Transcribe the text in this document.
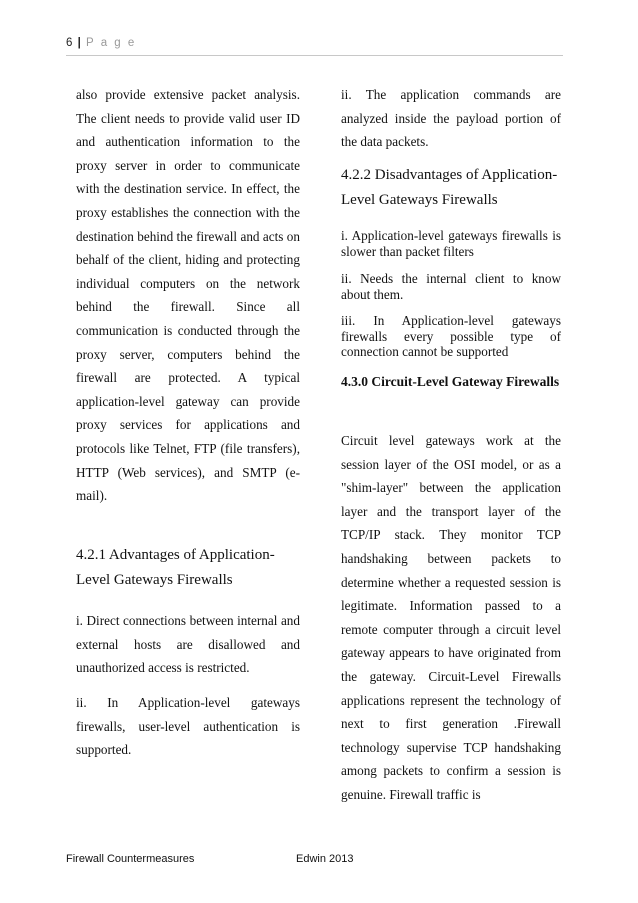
6 | P a g e

also provide extensive packet analysis. The client needs to provide valid user ID and authentication information to the proxy server in order to communicate with the destination service. In effect, the proxy establishes the connection with the destination behind the firewall and acts on behalf of the client, hiding and protecting individual computers on the network behind the firewall. Since all communication is conducted through the proxy server, computers behind the firewall are protected. A typical application-level gateway can provide proxy services for applications and protocols like Telnet, FTP (file transfers), HTTP (Web services), and SMTP (e-mail).

4.2.1 Advantages of Application-Level Gateways Firewalls

i. Direct connections between internal and external hosts are disallowed and unauthorized access is restricted.

ii. In Application-level gateways firewalls, user-level authentication is supported.

ii. The application commands are analyzed inside the payload portion of the data packets.

4.2.2 Disadvantages of Application-Level Gateways Firewalls

i. Application-level gateways firewalls is slower than packet filters

ii. Needs the internal client to know about them.

iii. In Application-level gateways firewalls every possible type of connection cannot be supported

4.3.0 Circuit-Level Gateway Firewalls

Circuit level gateways work at the session layer of the OSI model, or as a "shim-layer" between the application layer and the transport layer of the TCP/IP stack. They monitor TCP handshaking between packets to determine whether a requested session is legitimate. Information passed to a remote computer through a circuit level gateway appears to have originated from the gateway. Circuit-Level Firewalls applications represent the technology of next to first generation .Firewall technology supervise TCP handshaking among packets to confirm a session is genuine. Firewall traffic is

Firewall Countermeasures	Edwin 2013
